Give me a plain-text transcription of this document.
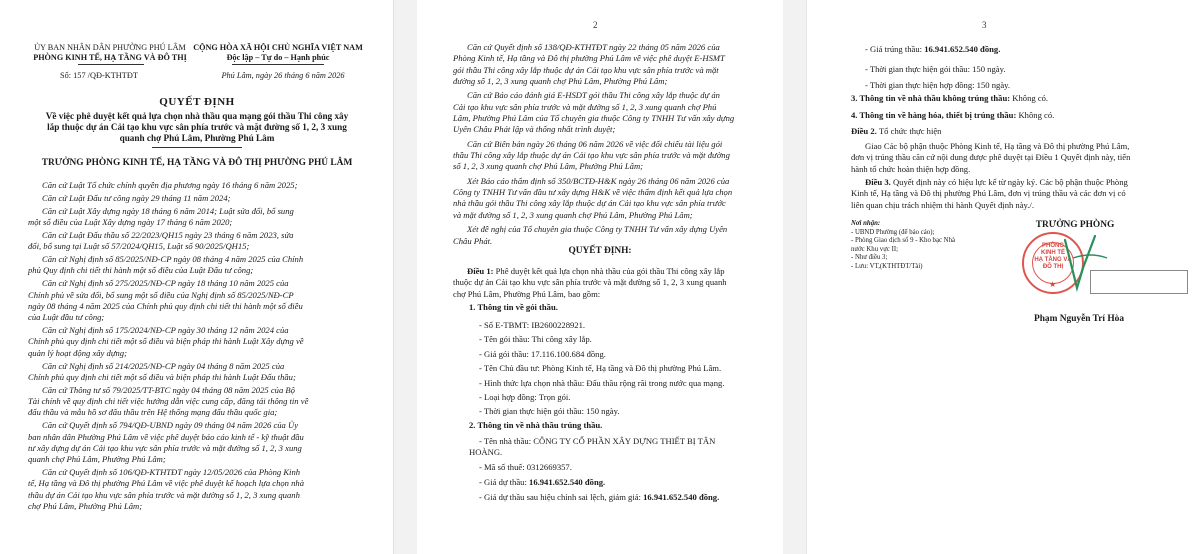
ỦY BAN NHÂN DÂN PHƯỜNG PHÚ LÂM
PHÒNG KINH TẾ, HẠ TẦNG VÀ ĐÔ THỊ
CỘNG HÒA XÃ HỘI CHỦ NGHĨA VIỆT NAM
Độc lập – Tự do – Hạnh phúc
Số: 157 /QĐ-KTHTĐT	Phú Lâm, ngày 26 tháng 6 năm 2026
QUYẾT ĐỊNH
Về việc phê duyệt kết quả lựa chọn nhà thầu qua mạng gói thầu Thi công xây
lắp thuộc dự án Cải tạo khu vực sân phía trước và mặt đường số 1, 2, 3 xung
quanh chợ Phú Lâm, Phường Phú Lâm
TRƯỞNG PHÒNG KINH TẾ, HẠ TẦNG VÀ ĐÔ THỊ PHƯỜNG PHÚ LÂM
Căn cứ Luật Tổ chức chính quyền địa phương ngày 16 tháng 6 năm 2025;
Căn cứ Luật Đấu tư công ngày 29 tháng 11 năm 2024;
Căn cứ Luật Xây dựng ngày 18 tháng 6 năm 2014; Luật sửa đổi, bổ sung
một số điều của Luật Xây dựng ngày 17 tháng 6 năm 2020;
Căn cứ Luật Đấu thầu số 22/2023/QH15 ngày 23 tháng 6 năm 2023, sửa
đổi, bổ sung tại Luật số 57/2024/QH15, Luật số 90/2025/QH15;
Căn cứ Nghị định số 85/2025/NĐ-CP ngày 08 tháng 4 năm 2025 của Chính
phủ Quy định chi tiết thi hành một số điều của Luật Đấu tư công;
Căn cứ Nghị định số 275/2025/NĐ-CP ngày 18 tháng 10 năm 2025 của
Chính phủ về sửa đổi, bổ sung một số điều của Nghị định số 85/2025/NĐ-CP
ngày 08 tháng 4 năm 2025 của Chính phủ quy định chi tiết thi hành một số điều
của Luật đầu tư công;
Căn cứ Nghị định số 175/2024/NĐ-CP ngày 30 tháng 12 năm 2024 của
Chính phủ quy định chi tiết một số điều và biện pháp thi hành Luật Xây dựng về
quản lý hoạt động xây dựng;
Căn cứ Nghị định số 214/2025/NĐ-CP ngày 04 tháng 8 năm 2025 của
Chính phủ quy định chi tiết một số điều và biện pháp thi hành Luật Đấu thầu;
Căn cứ Thông tư số 79/2025/TT-BTC ngày 04 tháng 08 năm 2025 của Bộ
Tài chính về quy định chi tiết việc hướng dẫn việc cung cấp, đăng tải thông tin về
đấu thầu và mẫu hồ sơ đấu thầu trên Hệ thống mạng đấu thầu quốc gia;
Căn cứ Quyết định số 794/QĐ-UBND ngày 09 tháng 04 năm 2026 của Ủy
ban nhân dân Phường Phú Lâm về việc phê duyệt báo cáo kinh tế - kỹ thuật đầu
tư xây dựng dự án Cải tạo khu vực sân phía trước và mặt đường số 1, 2, 3 xung
quanh chợ Phú Lâm, Phường Phú Lâm;
Căn cứ Quyết định số 106/QĐ-KTHTĐT ngày 12/05/2026 của Phòng Kinh
tế, Hạ tầng và Đô thị phường Phú Lâm về việc phê duyệt kế hoạch lựa chọn nhà
thầu dự án Cải tạo khu vực sân phía trước và mặt đường số 1, 2, 3 xung quanh
chợ Phú Lâm, Phường Phú Lâm;
2
Căn cứ Quyết định số 138/QĐ-KTHTĐT ngày 22 tháng 05 năm 2026 của
Phòng Kinh tế, Hạ tầng và Đô thị phường Phú Lâm về việc phê duyệt E-HSMT
gói thầu Thi công xây lắp thuộc dự án Cải tạo khu vực sân phía trước và mặt
đường số 1, 2, 3 xung quanh chợ Phú Lâm, Phường Phú Lâm;
Căn cứ Báo cáo đánh giá E-HSDT gói thầu Thi công xây lắp thuộc dự án
Cải tạo khu vực sân phía trước và mặt đường số 1, 2, 3 xung quanh chợ Phú
Lâm, Phường Phú Lâm của Tổ chuyên gia thuộc Công ty TNHH Tư vấn xây dựng
Uyên Châu Phát lập và thống nhất trình duyệt;
Căn cứ Biên bản ngày 26 tháng 06 năm 2026 về việc đối chiếu tài liệu gói
thầu Thi công xây lắp thuộc dự án Cải tạo khu vực sân phía trước và mặt đường
số 1, 2, 3 xung quanh chợ Phú Lâm, Phường Phú Lâm;
Xét Báo cáo thẩm định số 350/BCTĐ-H&K ngày 26 tháng 06 năm 2026 của
Công ty TNHH Tư vấn đầu tư xây dựng H&K về việc thẩm định kết quả lựa chọn
nhà thầu gói thầu Thi công xây lắp thuộc dự án Cải tạo khu vực sân phía trước
và mặt đường số 1, 2, 3 xung quanh chợ Phú Lâm, Phường Phú Lâm;
Xét đề nghị của Tổ chuyên gia thuộc Công ty TNHH Tư vấn xây dựng Uyên
Châu Phát.
QUYẾT ĐỊNH:
Điều 1: Phê duyệt kết quả lựa chọn nhà thầu của gói thầu Thi công xây lắp
thuộc dự án Cải tạo khu vực sân phía trước và mặt đường số 1, 2, 3 xung quanh
chợ Phú Lâm, Phường Phú Lâm, bao gồm:
1. Thông tin về gói thầu.
- Số E-TBMT: IB2600228921.
- Tên gói thầu: Thi công xây lắp.
- Giá gói thầu: 17.116.100.684 đồng.
- Tên Chủ đầu tư: Phòng Kinh tế, Hạ tầng và Đô thị phường Phú Lâm.
- Hình thức lựa chọn nhà thầu: Đấu thầu rộng rãi trong nước qua mạng.
- Loại hợp đồng: Trọn gói.
- Thời gian thực hiện gói thầu: 150 ngày.
2. Thông tin về nhà thầu trúng thầu.
- Tên nhà thầu: CÔNG TY CỔ PHẦN XÂY DỰNG THIẾT BỊ TÂN
HOÀNG.
- Mã số thuế: 0312669357.
- Giá dự thầu: 16.941.652.540 đồng.
- Giá dự thầu sau hiệu chỉnh sai lệch, giảm giá: 16.941.652.540 đồng.
3
- Giá trúng thầu: 16.941.652.540 đồng.
- Thời gian thực hiện gói thầu: 150 ngày.
- Thời gian thực hiện hợp đồng: 150 ngày.
3. Thông tin về nhà thầu không trúng thầu: Không có.
4. Thông tin về hàng hóa, thiết bị trúng thầu: Không có.
Điều 2. Tổ chức thực hiện
Giao Các bộ phận thuộc Phòng Kinh tế, Hạ tầng và Đô thị phường Phú Lâm,
đơn vị trúng thầu căn cứ nội dung được phê duyệt tại Điều 1 Quyết định này, tiến
hành tổ chức hoàn thiện hợp đồng.
Điều 3. Quyết định này có hiệu lực kể từ ngày ký. Các bộ phận thuộc Phòng
Kinh tế, Hạ tầng và Đô thị phường Phú Lâm, đơn vị trúng thầu và các đơn vị có
liên quan chịu trách nhiệm thi hành Quyết định này./.
Nơi nhận:
- UBND Phường (để báo cáo);
- Phòng Giao dịch số 9 - Kho bạc Nhà
nước Khu vực II;
- Như điều 3;
- Lưu: VT,(KTHTĐT/Tài)
TRƯỞNG PHÒNG
PHÒNG
KINH TẾ
HẠ TẦNG VÀ
ĐÔ THỊ
★

Phạm Nguyễn Trí Hòa
